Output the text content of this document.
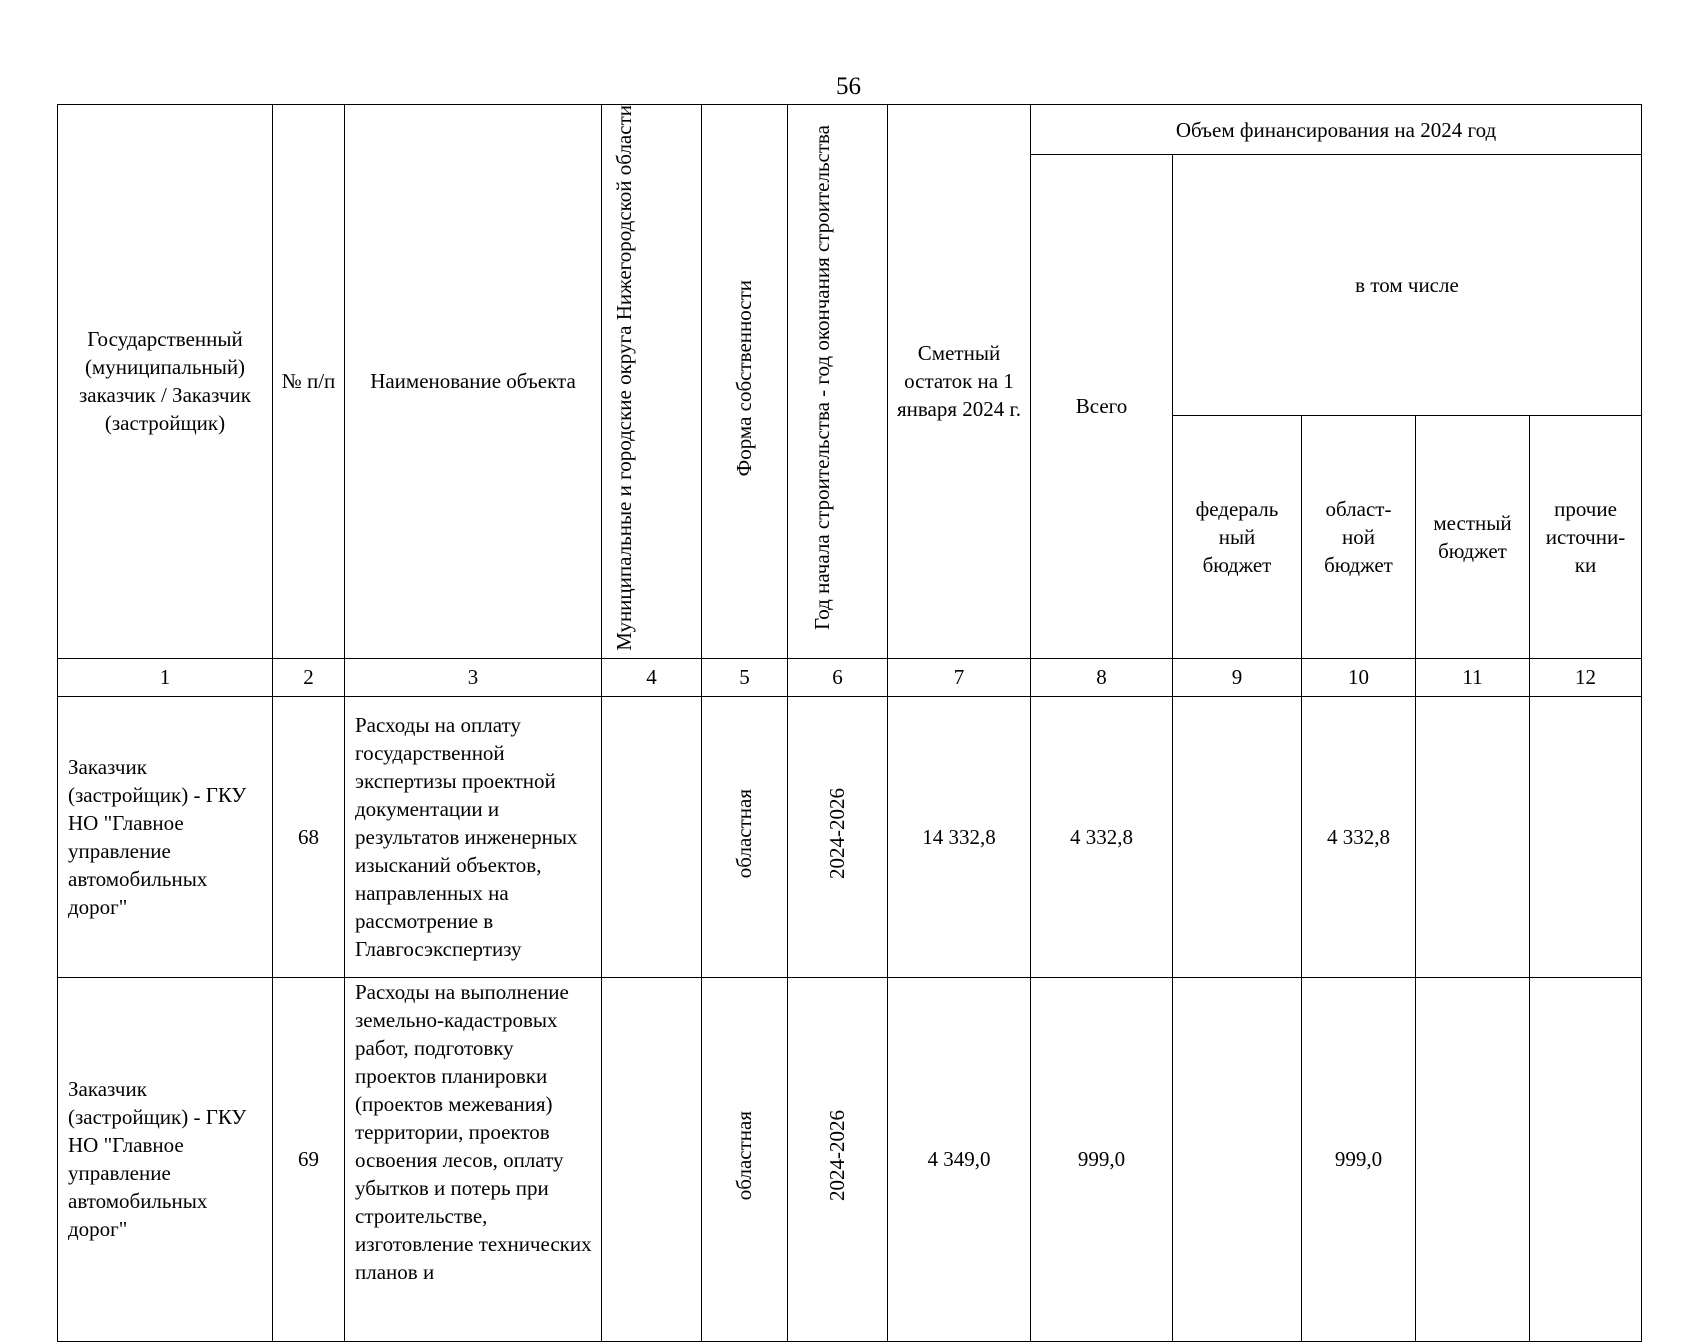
56
Государственный (муниципальный) заказчик / Заказчик (застройщик)	№ п/п	Наименование объекта	Муниципальные и городские округа Нижегородской области	Форма собственности	Год начала строительства - год окончания строительства	Сметный остаток на 1 января 2024 г.	Объем финансирования на 2024 год				
							Всего	в том числе			
								федераль ный бюджет	област- ной бюджет	местный бюджет	прочие источни- ки
1	2	3	4	5	6	7	8	9	10	11	12
Заказчик (застройщик) - ГКУ НО "Главное управление автомобильных дорог"	68	Расходы на оплату государственной экспертизы проектной документации и результатов инженерных изысканий объектов, направленных на рассмотрение в Главгосэкспертизу		областная	2024-2026	14 332,8	4 332,8		4 332,8		
Заказчик (застройщик) - ГКУ НО "Главное управление автомобильных дорог"	69	Расходы на выполнение земельно-кадастровых работ, подготовку проектов планировки (проектов межевания) территории, проектов освоения лесов, оплату убытков и потерь при строительстве, изготовление технических планов и		областная	2024-2026	4 349,0	999,0		999,0		
